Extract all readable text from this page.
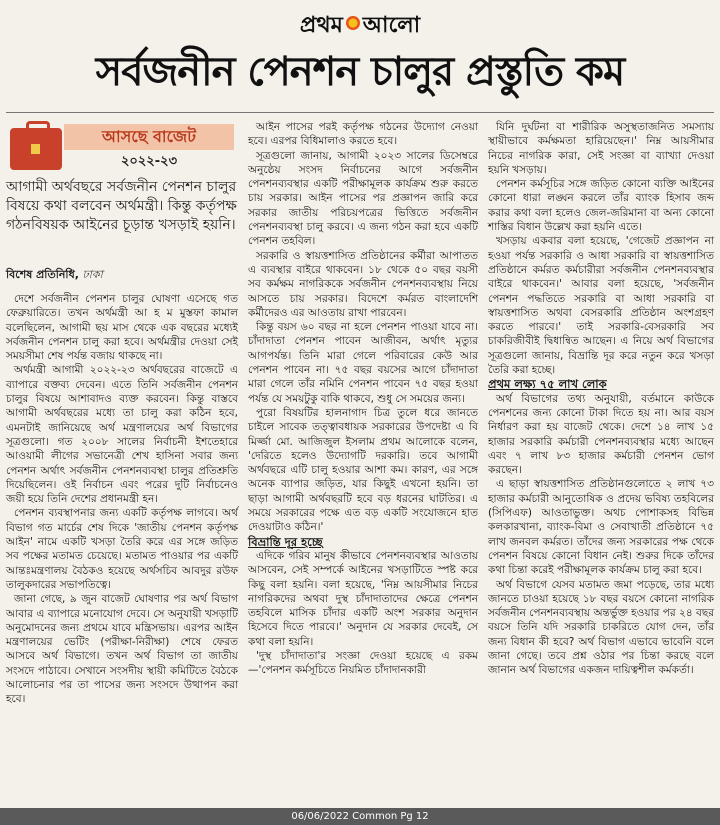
প্রথম আলো
সর্বজনীন পেনশন চালুর প্রস্তুতি কম
আসছে বাজেট
২০২২-২৩
আগামী অর্থবছরে সর্বজনীন পেনশন চালুর বিষয়ে কথা বলবেন অর্থমন্ত্রী। কিন্তু কর্তৃপক্ষ গঠনবিষয়ক আইনের চূড়ান্ত খসড়াই হয়নি।
বিশেষ প্রতিনিধি, ঢাকা

দেশে সর্বজনীন পেনশন চালুর ঘোষণা এসেছে গত ফেব্রুয়ারিতে। তখন অর্থমন্ত্রী আ হ ম মুস্তফা কামাল বলেছিলেন, আগামী ছয় মাস থেকে এক বছরের মধ্যেই সর্বজনীন পেনশন চালু করা হবে। অর্থমন্ত্রীর দেওয়া সেই সময়সীমা শেষ পর্যন্ত বজায় থাকছে না।

অর্থমন্ত্রী আগামী ২০২২-২৩ অর্থবছরের বাজেটে এ ব্যাপারে বক্তব্য দেবেন। এতে তিনি সর্বজনীন পেনশন চালুর বিষয়ে আশাবাদও ব্যক্ত করবেন। কিন্তু বাস্তবে আগামী অর্থবছরের মধ্যে তা চালু করা কঠিন হবে, এমনটাই জানিয়েছে অর্থ মন্ত্রণালয়ের অর্থ বিভাগের সূত্রগুলো। গত ২০০৮ সালের নির্বাচনী ইশতেহারে আওয়ামী লীগের সভানেত্রী শেখ হাসিনা সবার জন্য পেনশন অর্থাৎ সর্বজনীন পেনশনব্যবস্থা চালুর প্রতিশ্রুতি দিয়েছিলেন। ওই নির্বাচন এবং পরের দুটি নির্বাচনেও জয়ী হয়ে তিনি দেশের প্রধানমন্ত্রী হন।

পেনশন ব্যবস্থাপনার জন্য একটি কর্তৃপক্ষ লাগবে। অর্থ বিভাগ গত মার্চের শেষ দিকে 'জাতীয় পেনশন কর্তৃপক্ষ আইন' নামে একটি খসড়া তৈরি করে এর সঙ্গে জড়িত সব পক্ষের মতামত চেয়েছে। মতামত পাওয়ার পর একটি আন্তঃমন্ত্রণালয় বৈঠকও হয়েছে অর্থসচিব আবদুর রউফ তালুকদারের সভাপতিত্বে।

জানা গেছে, ৯ জুন বাজেট ঘোষণার পর অর্থ বিভাগ আবার এ ব্যাপারে মনোযোগ দেবে। সে অনুযায়ী খসড়াটি অনুমোদনের জন্য প্রথমে যাবে মন্ত্রিসভায়। এরপর আইন মন্ত্রণালয়ের ভেটিং (পরীক্ষা-নিরীক্ষা) শেষে ফেরত আসবে অর্থ বিভাগে। তখন অর্থ বিভাগ তা জাতীয় সংসদে পাঠাবে। সেখানে সংসদীয় স্থায়ী কমিটিতে বৈঠকে আলোচনার পর তা পাসের জন্য সংসদে উত্থাপন করা হবে।

আইন পাসের পরই কর্তৃপক্ষ গঠনের উদ্যোগ নেওয়া হবে। এরপর বিধিমালাও করতে হবে।

সূত্রগুলো জানায়, আগামী ২০২৩ সালের ডিসেম্বরে অনুষ্ঠেয় সংসদ নির্বাচনের আগে সর্বজনীন পেনশনব্যবস্থার একটি পরীক্ষামূলক কার্যক্রম শুরু করতে চায় সরকার। আইন পাসের পর প্রজ্ঞাপন জারি করে সরকার জাতীয় পরিচয়পত্রের ভিত্তিতে সর্বজনীন পেনশনব্যবস্থা চালু করবে। এ জন্য গঠন করা হবে একটি পেনশন তহবিল।

সরকারি ও স্বায়ত্তশাসিত প্রতিষ্ঠানের কর্মীরা আপাতত এ ব্যবস্থার বাইরে থাকবেন। ১৮ থেকে ৫০ বছর বয়সী সব কর্মক্ষম নাগরিককে সর্বজনীন পেনশনব্যবস্থায় নিয়ে আসতে চায় সরকার। বিদেশে কর্মরত বাংলাদেশি কর্মীদেরও এর আওতায় রাখা পারবেন।

কিন্তু বয়স ৬০ বছর না হলে পেনশন পাওয়া যাবে না। চাঁদাদাতা পেনশন পাবেন আজীবন, অর্থাৎ মৃত্যুর আগপর্যন্ত। তিনি মারা গেলে পরিবারের কেউ আর পেনশন পাবেন না। ৭৫ বছর বয়সের আগে চাঁদাদাতা মারা গেলে তাঁর নমিনি পেনশন পাবেন ৭৫ বছর হওয়া পর্যন্ত যে সময়টুকু বাকি থাকবে, শুধু সে সময়ের জন্য।

পুরো বিষয়টির হালনাগাদ চিত্র তুলে ধরে জানতে চাইলে সাবেক তত্ত্বাবধায়ক সরকারের উপদেষ্টা এ বি মির্জ্জা মো. আজিজুল ইসলাম প্রথম আলোকে বলেন, 'দেরিতে হলেও উদ্যোগটি দরকারি। তবে আগামী অর্থবছরে এটি চালু হওয়ার আশা কম। কারণ, এর সঙ্গে অনেক ব্যাপার জড়িত, যার কিছুই এখনো হয়নি। তা ছাড়া আগামী অর্থবছরটি হবে বড় ধরনের ঘাটতির। এ সময়ে সরকারের পক্ষে এত বড় একটি সংযোজনে হাত দেওয়াটাও কঠিন।'

বিভ্রান্তি দূর হচ্ছে

এদিকে গরিব মানুষ কীভাবে পেনশনব্যবস্থার আওতায় আসবেন, সেই সম্পর্কে আইনের খসড়াটিতে স্পষ্ট করে কিছু বলা হয়নি। বলা হয়েছে, 'নিম্ন আয়সীমার নিচের নাগরিকদের অথবা দুস্থ চাঁদাদাতাদের ক্ষেত্রে পেনশন তহবিলে মাসিক চাঁদার একটি অংশ সরকার অনুদান হিসেবে দিতে পারবে।' অনুদান যে সরকার দেবেই, সে কথা বলা হয়নি।

'দুস্থ চাঁদাদাতা'র সংজ্ঞা দেওয়া হয়েছে এ রকম—'পেনশন কর্মসূচিতে নিয়মিত চাঁদাদানকারী

যিনি দুর্ঘটনা বা শারীরিক অসুস্থতাজনিত সমস্যায় স্থায়ীভাবে কর্মক্ষমতা হারিয়েছেন।' নিম্ন আয়সীমার নিচের নাগরিক কারা, সেই সংজ্ঞা বা ব্যাখ্যা দেওয়া হয়নি খসড়ায়।

পেনশন কর্মসূচির সঙ্গে জড়িত কোনো ব্যক্তি আইনের কোনো ধারা লঙ্ঘন করলে তাঁর ব্যাংক হিসাব জব্দ করার কথা বলা হলেও জেল-জরিমানা বা অন্য কোনো শাস্তির বিধান উল্লেখ করা হয়নি এতে।

খসড়ায় একবার বলা হয়েছে, 'গেজেট প্রজ্ঞাপন না হওয়া পর্যন্ত সরকারি ও আধা সরকারি বা স্বায়ত্তশাসিত প্রতিষ্ঠানে কর্মরত কর্মচারীরা সর্বজনীন পেনশনব্যবস্থার বাইরে থাকবেন।' আবার বলা হয়েছে, 'সর্বজনীন পেনশন পদ্ধতিতে সরকারি বা আধা সরকারি বা স্বায়ত্তশাসিত অথবা বেসরকারি প্রতিষ্ঠান অংশগ্রহণ করতে পারবে।' তাই সরকারি-বেসরকারি সব চাকরিজীবীই দ্বিধান্বিত আছেন। এ নিয়ে অর্থ বিভাগের সূত্রগুলো জানায়, বিভ্রান্তি দূর করে নতুন করে খসড়া তৈরি করা হচ্ছে।

প্রথম লক্ষ্য ৭৫ লাখ লোক

অর্থ বিভাগের তথ্য অনুযায়ী, বর্তমানে কাউকে পেনশনের জন্য কোনো টাকা দিতে হয় না। আর বয়স নির্ধারণ করা হয় বাজেট থেকে। দেশে ১৪ লাখ ১৫ হাজার সরকারি কর্মচারী পেনশনব্যবস্থার মধ্যে আছেন এবং ৭ লাখ ৮৩ হাজার কর্মচারী পেনশন ভোগ করছেন।

এ ছাড়া স্বায়ত্তশাসিত প্রতিষ্ঠানগুলোতে ২ লাখ ৭৩ হাজার কর্মচারী আনুতোষিক ও প্রদেয় ভবিষ্য তহবিলের (সিপিএফ) আওতাভুক্ত। অথচ পোশাকসহ বিভিন্ন কলকারখানা, ব্যাংক-বিমা ও সেবাখাতী প্রতিষ্ঠানে ৭৫ লাখ জনবল কর্মরত। তাঁদের জন্য সরকারের পক্ষ থেকে পেনশন বিষয়ে কোনো বিধান নেই। শুরুর দিকে তাঁদের কথা চিন্তা করেই পরীক্ষামূলক কার্যক্রম চালু করা হবে।

অর্থ বিভাগে যেসব মতামত জমা পড়েছে, তার মধ্যে জানতে চাওয়া হয়েছে ১৮ বছর বয়সে কোনো নাগরিক সর্বজনীন পেনশনব্যবস্থায় অন্তর্ভুক্ত হওয়ার পর ২৪ বছর বয়সে তিনি যদি সরকারি চাকরিতে যোগ দেন, তাঁর জন্য বিধান কী হবে? অর্থ বিভাগ এভাবে ভাবেনি বলে জানা গেছে। তবে প্রশ্ন ওঠার পর চিন্তা করছে বলে জানান অর্থ বিভাগের একজন দায়িত্বশীল কর্মকর্তা।

06/06/2022 Common Pg 12
